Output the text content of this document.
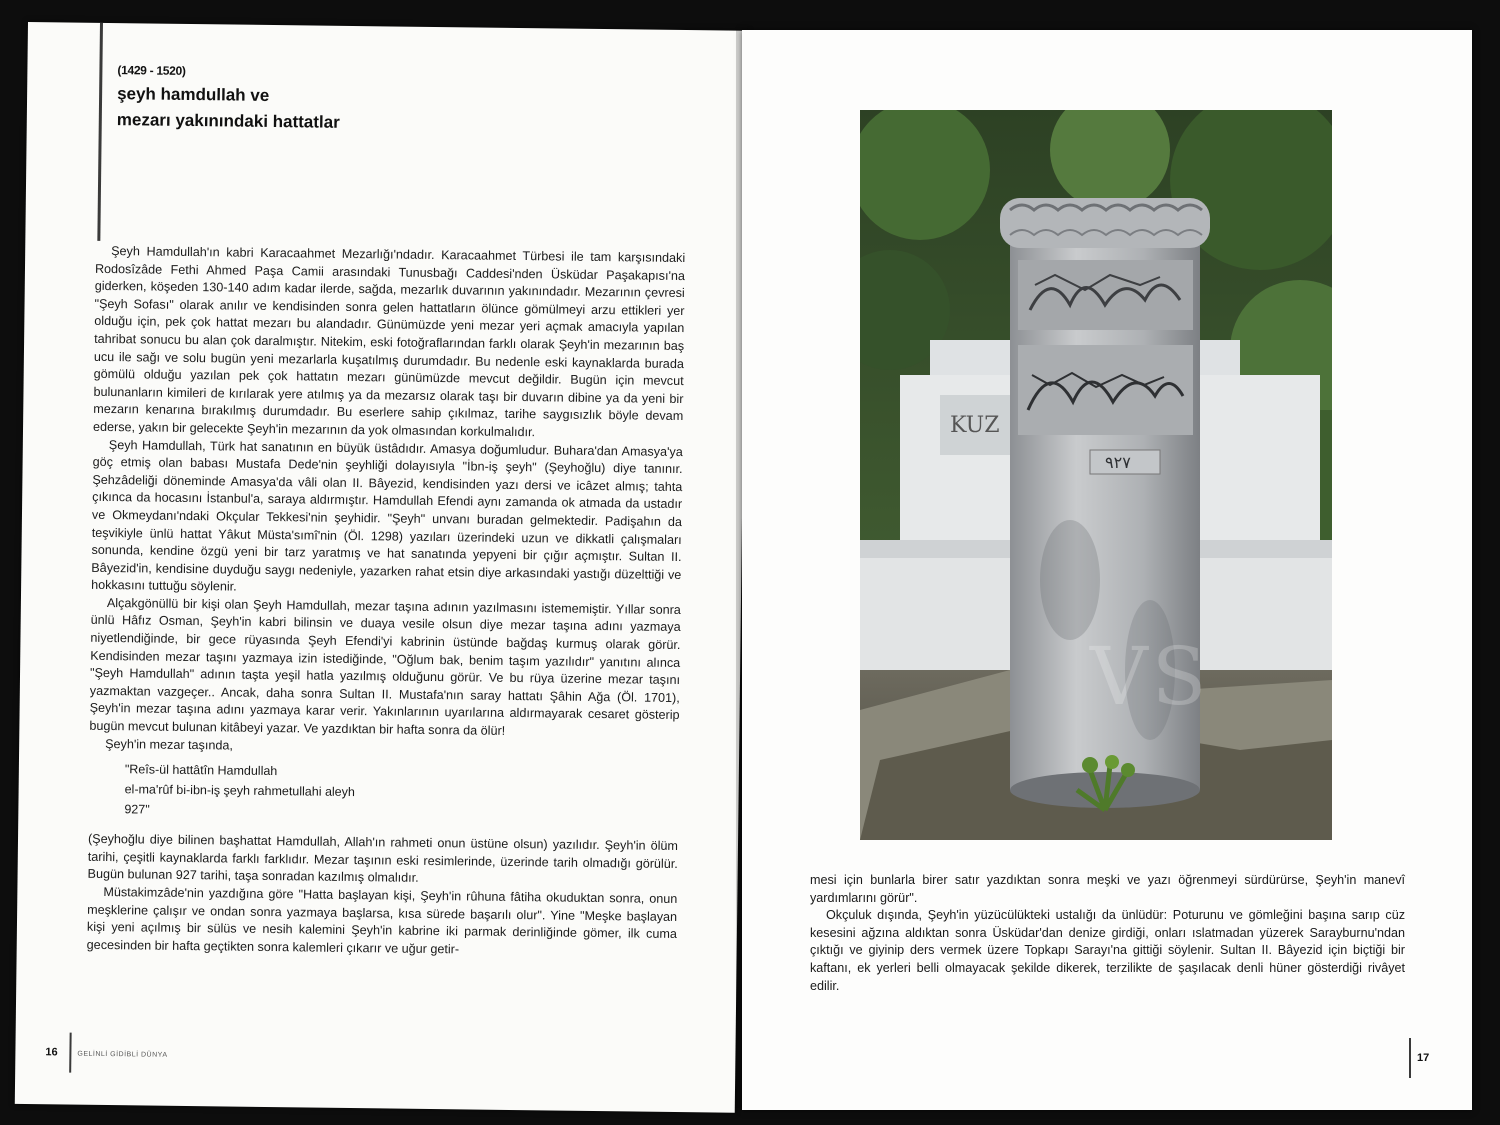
(1429 - 1520)
şeyh hamdullah ve
mezarı yakınındaki hattatlar

Şeyh Hamdullah'ın kabri Karacaahmet Mezarlığı'ndadır. Karacaahmet Türbesi ile tam karşısındaki Rodosîzâde Fethi Ahmed Paşa Camii arasındaki Tunusbağı Caddesi'nden Üsküdar Paşakapısı'na giderken, köşeden 130-140 adım kadar ilerde, sağda, mezarlık duvarının yakınındadır. Mezarının çevresi "Şeyh Sofası" olarak anılır ve kendisinden sonra gelen hattatların ölünce gömülmeyi arzu ettikleri yer olduğu için, pek çok hattat mezarı bu alandadır. Günümüzde yeni mezar yeri açmak amacıyla yapılan tahribat sonucu bu alan çok daralmıştır. Nitekim, eski fotoğraflarından farklı olarak Şeyh'in mezarının baş ucu ile sağı ve solu bugün yeni mezarlarla kuşatılmış durumdadır. Bu nedenle eski kaynaklarda burada gömülü olduğu yazılan pek çok hattatın mezarı günümüzde mevcut değildir. Bugün için mevcut bulunanların kimileri de kırılarak yere atılmış ya da mezarsız olarak taşı bir duvarın dibine ya da yeni bir mezarın kenarına bırakılmış durumdadır. Bu eserlere sahip çıkılmaz, tarihe saygısızlık böyle devam ederse, yakın bir gelecekte Şeyh'in mezarının da yok olmasından korkulmalıdır.

Şeyh Hamdullah, Türk hat sanatının en büyük üstâdıdır. Amasya doğumludur. Buhara'dan Amasya'ya göç etmiş olan babası Mustafa Dede'nin şeyhliği dolayısıyla "İbn-iş şeyh" (Şeyhoğlu) diye tanınır. Şehzâdeliği döneminde Amasya'da vâli olan II. Bâyezid, kendisinden yazı dersi ve icâzet almış; tahta çıkınca da hocasını İstanbul'a, saraya aldırmıştır. Hamdullah Efendi aynı zamanda ok atmada da ustadır ve Okmeydanı'ndaki Okçular Tekkesi'nin şeyhidir. "Şeyh" unvanı buradan gelmektedir. Padişahın da teşvikiyle ünlü hattat Yâkut Müsta'sımî'nin (Öl. 1298) yazıları üzerindeki uzun ve dikkatli çalışmaları sonunda, kendine özgü yeni bir tarz yaratmış ve hat sanatında yepyeni bir çığır açmıştır. Sultan II. Bâyezid'in, kendisine duyduğu saygı nedeniyle, yazarken rahat etsin diye arkasındaki yastığı düzelttiği ve hokkasını tuttuğu söylenir.

Alçakgönüllü bir kişi olan Şeyh Hamdullah, mezar taşına adının yazılmasını istememiştir. Yıllar sonra ünlü Hâfız Osman, Şeyh'in kabri bilinsin ve duaya vesile olsun diye mezar taşına adını yazmaya niyetlendiğinde, bir gece rüyasında Şeyh Efendi'yi kabrinin üstünde bağdaş kurmuş olarak görür. Kendisinden mezar taşını yazmaya izin istediğinde, "Oğlum bak, benim taşım yazılıdır" yanıtını alınca "Şeyh Hamdullah" adının taşta yeşil hatla yazılmış olduğunu görür. Ve bu rüya üzerine mezar taşını yazmaktan vazgeçer.. Ancak, daha sonra Sultan II. Mustafa'nın saray hattatı Şâhin Ağa (Öl. 1701), Şeyh'in mezar taşına adını yazmaya karar verir. Yakınlarının uyarılarına aldırmayarak cesaret gösterip bugün mevcut bulunan kitâbeyi yazar. Ve yazdıktan bir hafta sonra da ölür!

Şeyh'in mezar taşında,

"Reîs-ül hattâtîn Hamdullah
el-ma'rûf bi-ibn-iş şeyh rahmetullahi aleyh
927"

(Şeyhoğlu diye bilinen başhattat Hamdullah, Allah'ın rahmeti onun üstüne olsun) yazılıdır. Şeyh'in ölüm tarihi, çeşitli kaynaklarda farklı farklıdır. Mezar taşının eski resimlerinde, üzerinde tarih olmadığı görülür. Bugün bulunan 927 tarihi, taşa sonradan kazılmış olmalıdır.

Müstakimzâde'nin yazdığına göre "Hatta başlayan kişi, Şeyh'in rûhuna fâtiha okuduktan sonra, onun meşklerine çalışır ve ondan sonra yazmaya başlarsa, kısa sürede başarılı olur". Yine "Meşke başlayan kişi yeni açılmış bir sülüs ve nesih kalemini Şeyh'in kabrine iki parmak derinliğinde gömer, ilk cuma gecesinden bir hafta geçtikten sonra kalemleri çıkarır ve uğur getir-

16	GELİNLİ GİDİBLİ DÜNYA
KUZ
٩٢٧
VS

mesi için bunlarla birer satır yazdıktan sonra meşki ve yazı öğrenmeyi sürdürürse, Şeyh'in manevî yardımlarını görür".

Okçuluk dışında, Şeyh'in yüzücülükteki ustalığı da ünlüdür: Poturunu ve gömleğini başına sarıp cüz kesesini ağzına aldıktan sonra Üsküdar'dan denize girdiği, onları ıslatmadan yüzerek Sarayburnu'ndan çıktığı ve giyinip ders vermek üzere Topkapı Sarayı'na gittiği söylenir. Sultan II. Bâyezid için biçtiği bir kaftanı, ek yerleri belli olmayacak şekilde dikerek, terzilikte de şaşılacak denli hüner gösterdiği rivâyet edilir.

17
